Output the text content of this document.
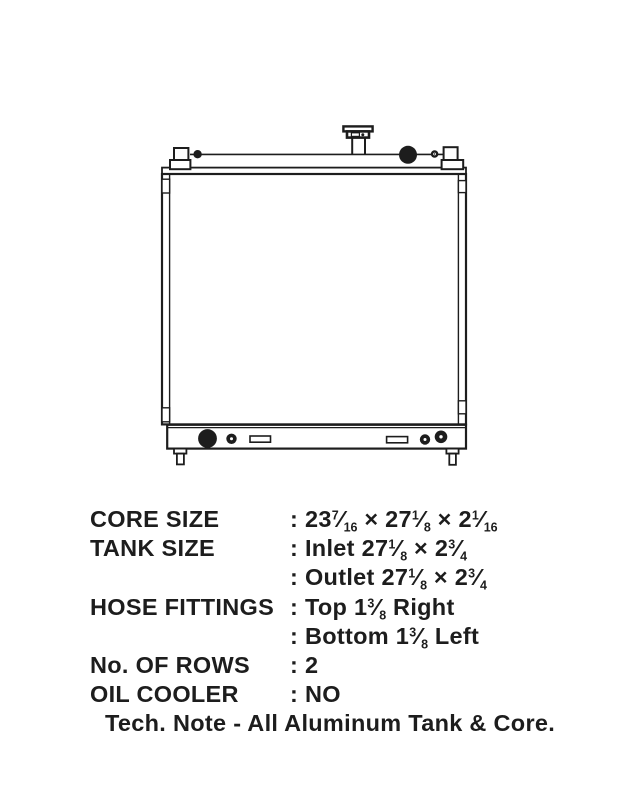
CORE SIZE	: $23^7⁄_{16}$ × $27^1⁄_8$ × $2^1⁄_{16}$
TANK SIZE	: Inlet $27^1⁄_8$ × $2^3⁄_4$
: Outlet $27^1⁄_8$ × $2^3⁄_4$
HOSE FITTINGS : Top $1^3⁄_8$ Right
: Bottom $1^3⁄_8$ Left
No. OF ROWS	: 2
OIL COOLER	: NO
Tech. Note - All Aluminum Tank & Core.
